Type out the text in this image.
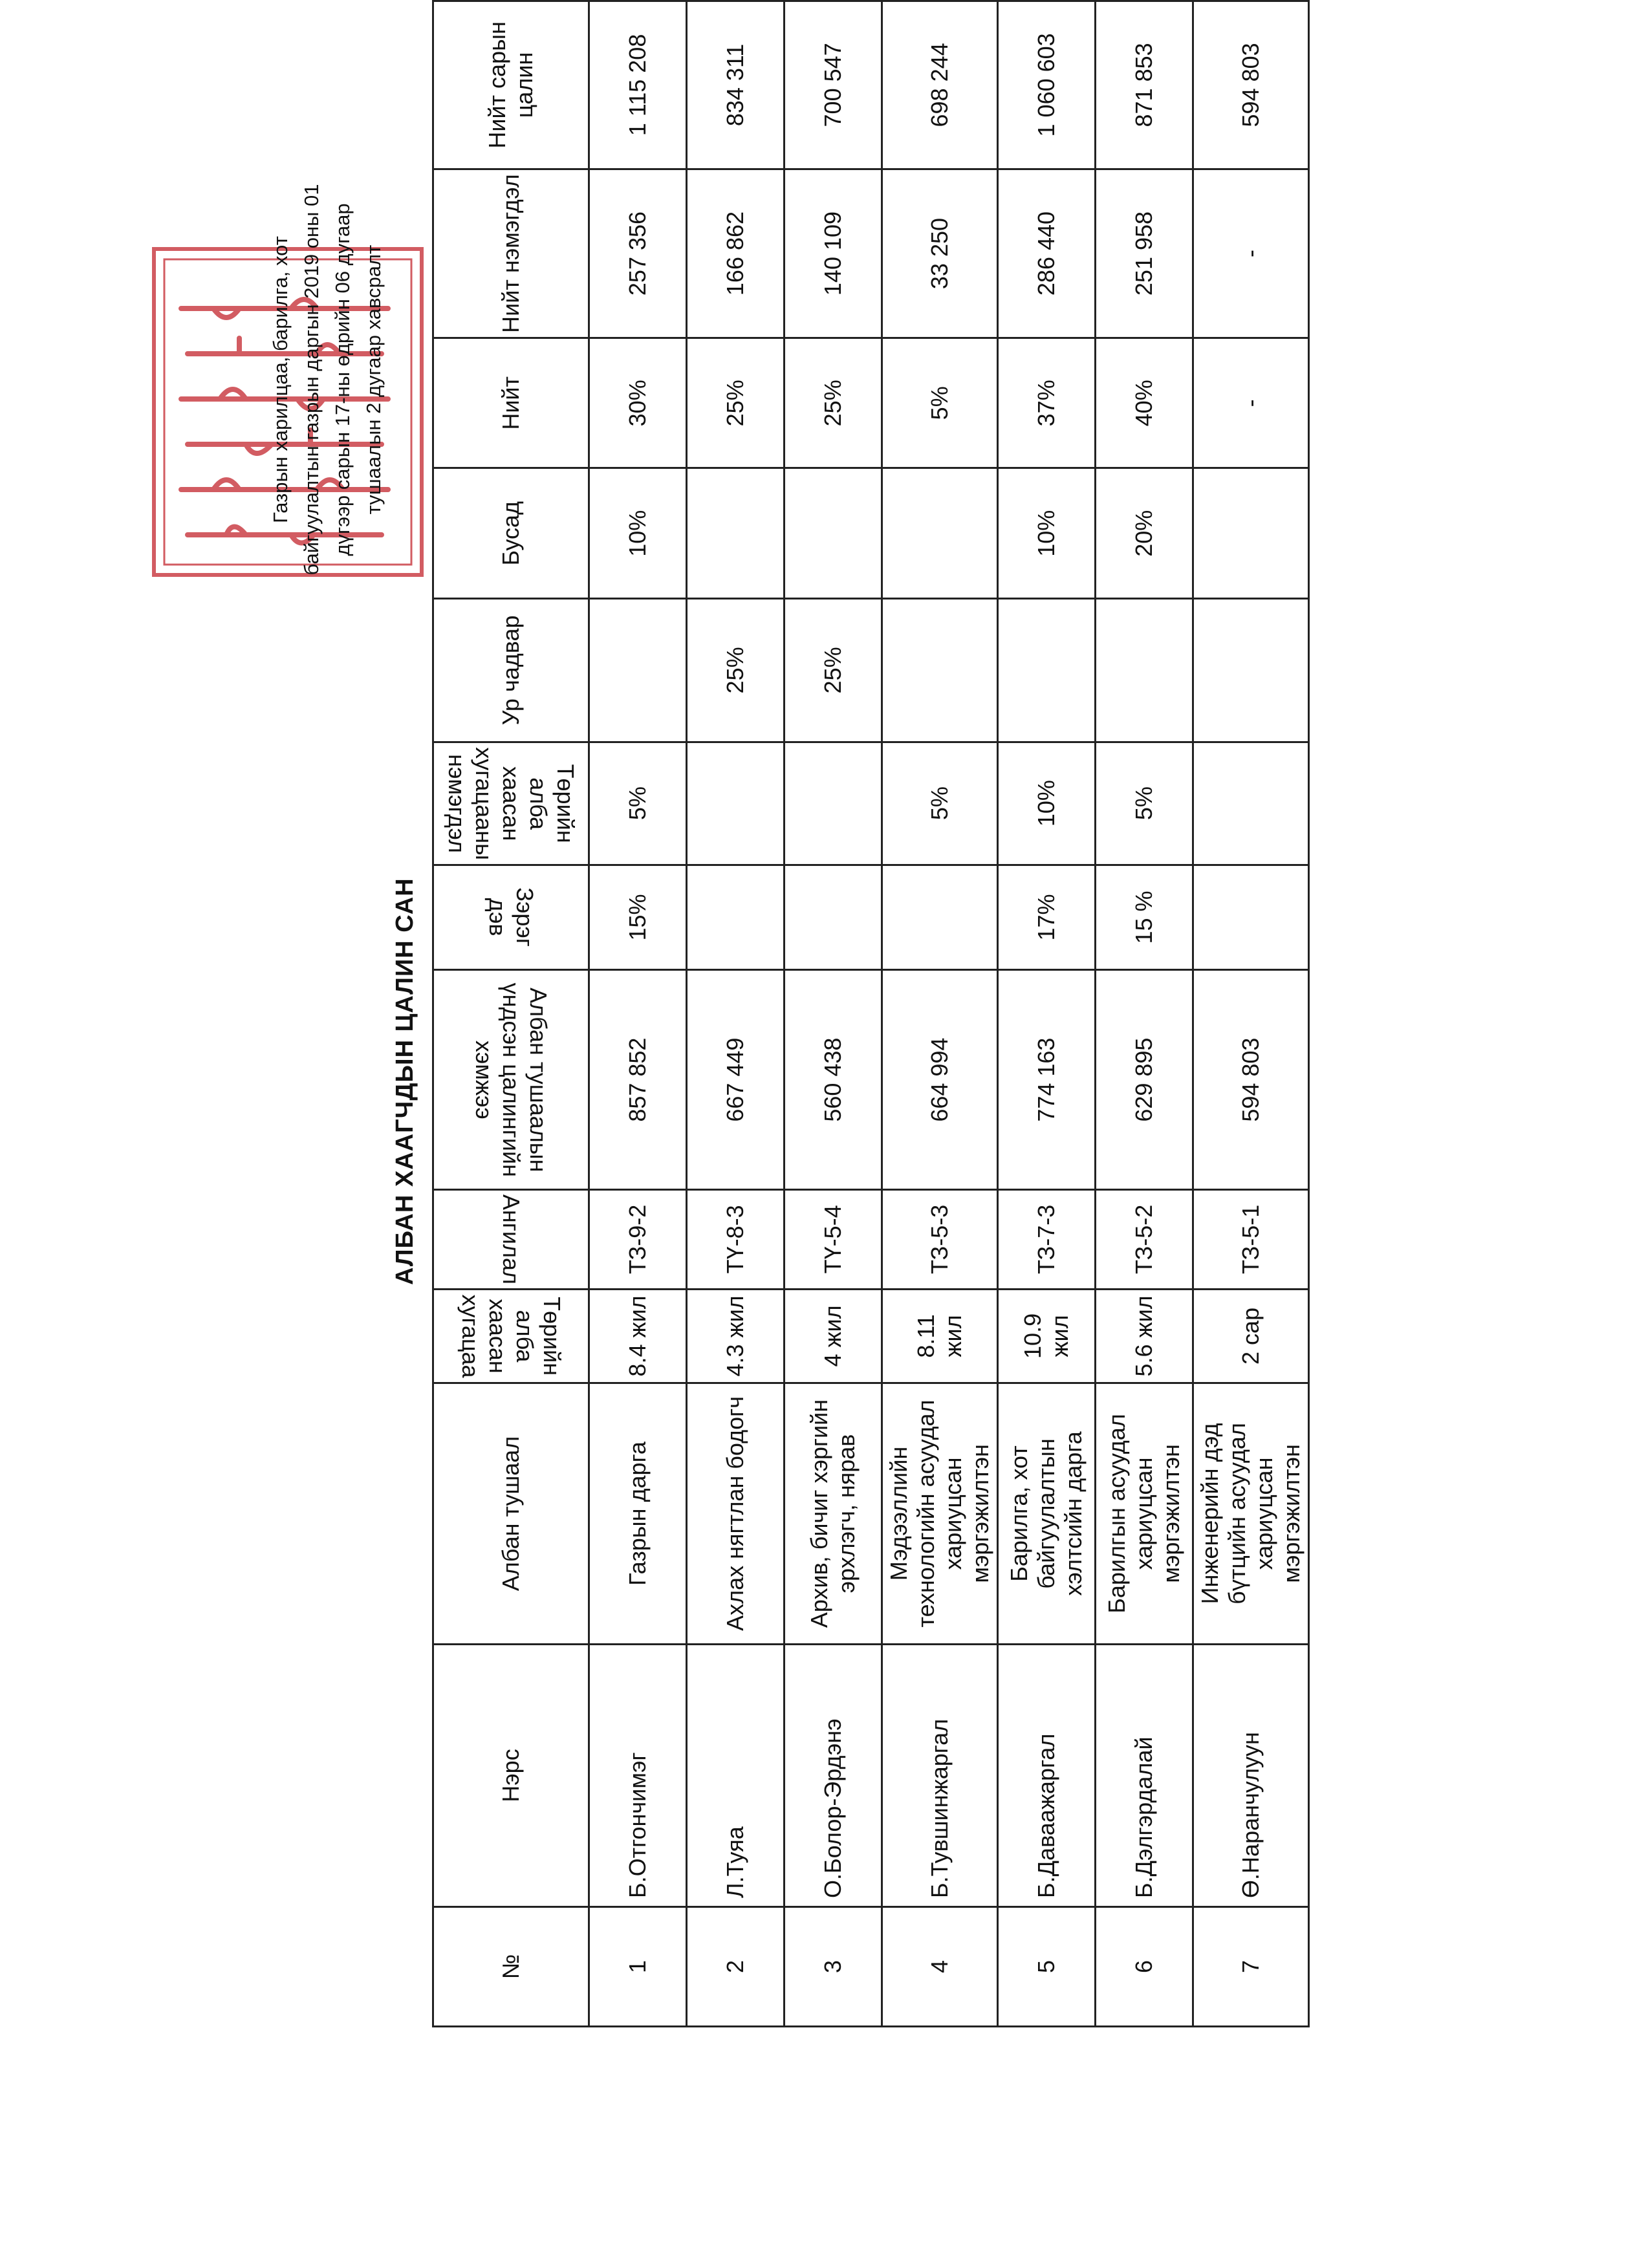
Газрын харилцаа, барилга, хот байгуулалтын газрын даргын 2019 оны 01 дүгээр сарын 17-ны өдрийн 06 дугаар тушаалын 2 дугаар хавсралт

АЛБАН ХААГЧДЫН ЦАЛИН САН
№	Нэрс	Албан тушаал	Төрийн алба хаасан хугацаа	Ангилал	Албан тушаалын үндсэн цалингийн хэмжээ	Зэрэг дэв	Төрийн алба хаасан хугацааны нэмэгдэл	Ур чадвар	Бусад	Нийт	Нийт нэмэгдэл	Нийт сарын цалин
1	Б.Отгончимэг	Газрын дарга	8.4 жил	ТЗ-9-2	857 852	15%	5%		10%	30%	257 356	1 115 208
2	Л.Туяа	Ахлах нягтлан бодогч	4.3 жил	ТҮ-8-3	667 449			25%		25%	166 862	834 311
3	О.Болор-Эрдэнэ	Архив, бичиг хэргийн эрхлэгч, нярав	4 жил	ТҮ-5-4	560 438			25%		25%	140 109	700 547
4	Б.Тувшинжаргал	Мэдээллийн технологийн асуудал хариуцсан мэргэжилтэн	8.11 жил	ТЗ-5-3	664 994		5%			5%	33 250	698 244
5	Б.Даваажаргал	Барилга, хот байгуулалтын хэлтсийн дарга	10.9 жил	ТЗ-7-3	774 163	17%	10%		10%	37%	286 440	1 060 603
6	Б.Дэлгэрдалай	Барилгын асуудал хариуцсан мэргэжилтэн	5.6 жил	ТЗ-5-2	629 895	15 %	5%		20%	40%	251 958	871 853
7	Ө.Наранчулуун	Инженерийн дэд бүтцийн асуудал хариуцсан мэргэжилтэн	2 сар	ТЗ-5-1	594 803					-	-	594 803
